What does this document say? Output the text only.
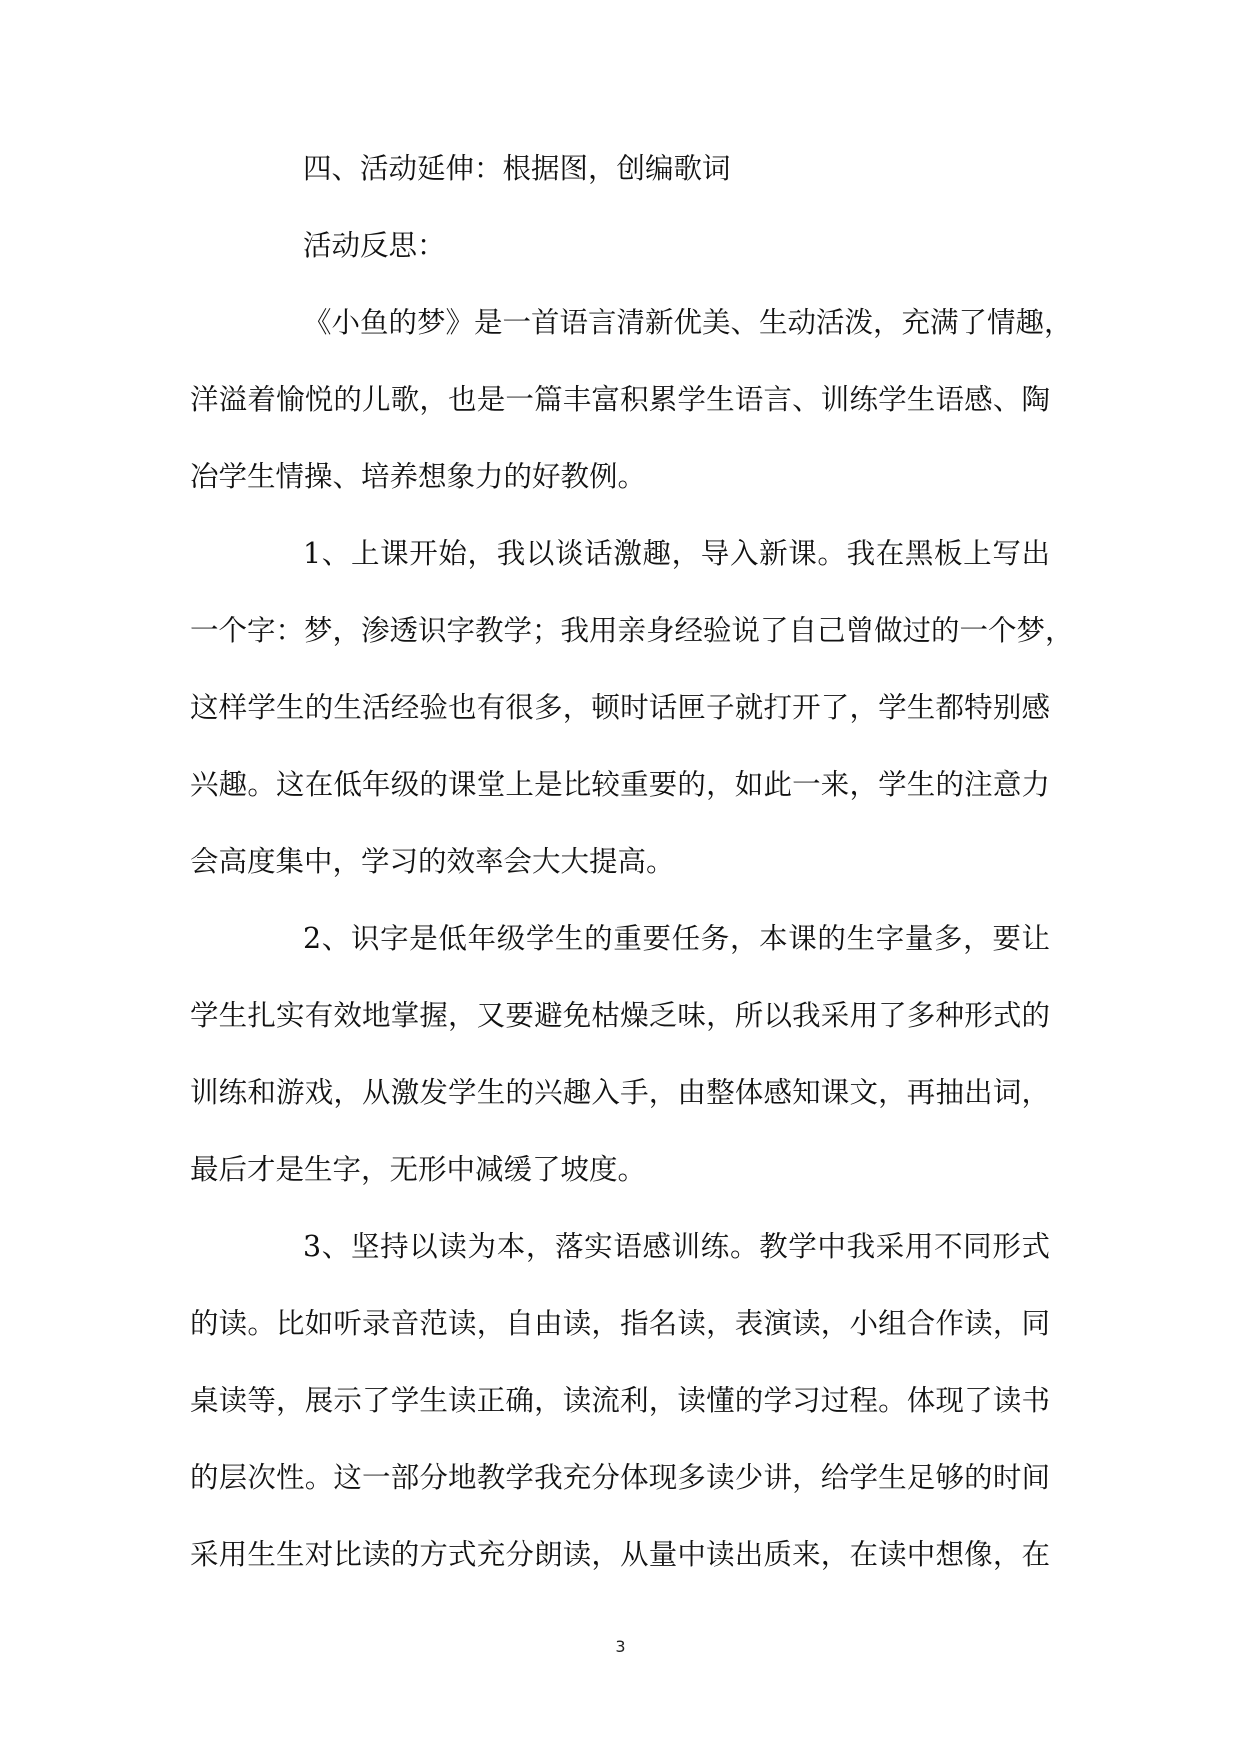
四、活动延伸：根据图，创编歌词
活动反思：
《小鱼的梦》是一首语言清新优美、生动活泼，充满了情趣，
洋溢着愉悦的儿歌，也是一篇丰富积累学生语言、训练学生语感、陶
冶学生情操、培养想象力的好教例。
1、上课开始，我以谈话激趣，导入新课。我在黑板上写出
一个字：梦，渗透识字教学；我用亲身经验说了自己曾做过的一个梦，
这样学生的生活经验也有很多，顿时话匣子就打开了，学生都特别感
兴趣。这在低年级的课堂上是比较重要的，如此一来，学生的注意力
会高度集中，学习的效率会大大提高。
2、识字是低年级学生的重要任务，本课的生字量多，要让
学生扎实有效地掌握，又要避免枯燥乏味，所以我采用了多种形式的
训练和游戏，从激发学生的兴趣入手，由整体感知课文，再抽出词，
最后才是生字，无形中减缓了坡度。
3、坚持以读为本，落实语感训练。教学中我采用不同形式
的读。比如听录音范读，自由读，指名读，表演读，小组合作读，同
桌读等，展示了学生读正确，读流利，读懂的学习过程。体现了读书
的层次性。这一部分地教学我充分体现多读少讲，给学生足够的时间
采用生生对比读的方式充分朗读，从量中读出质来，在读中想像，在
3
